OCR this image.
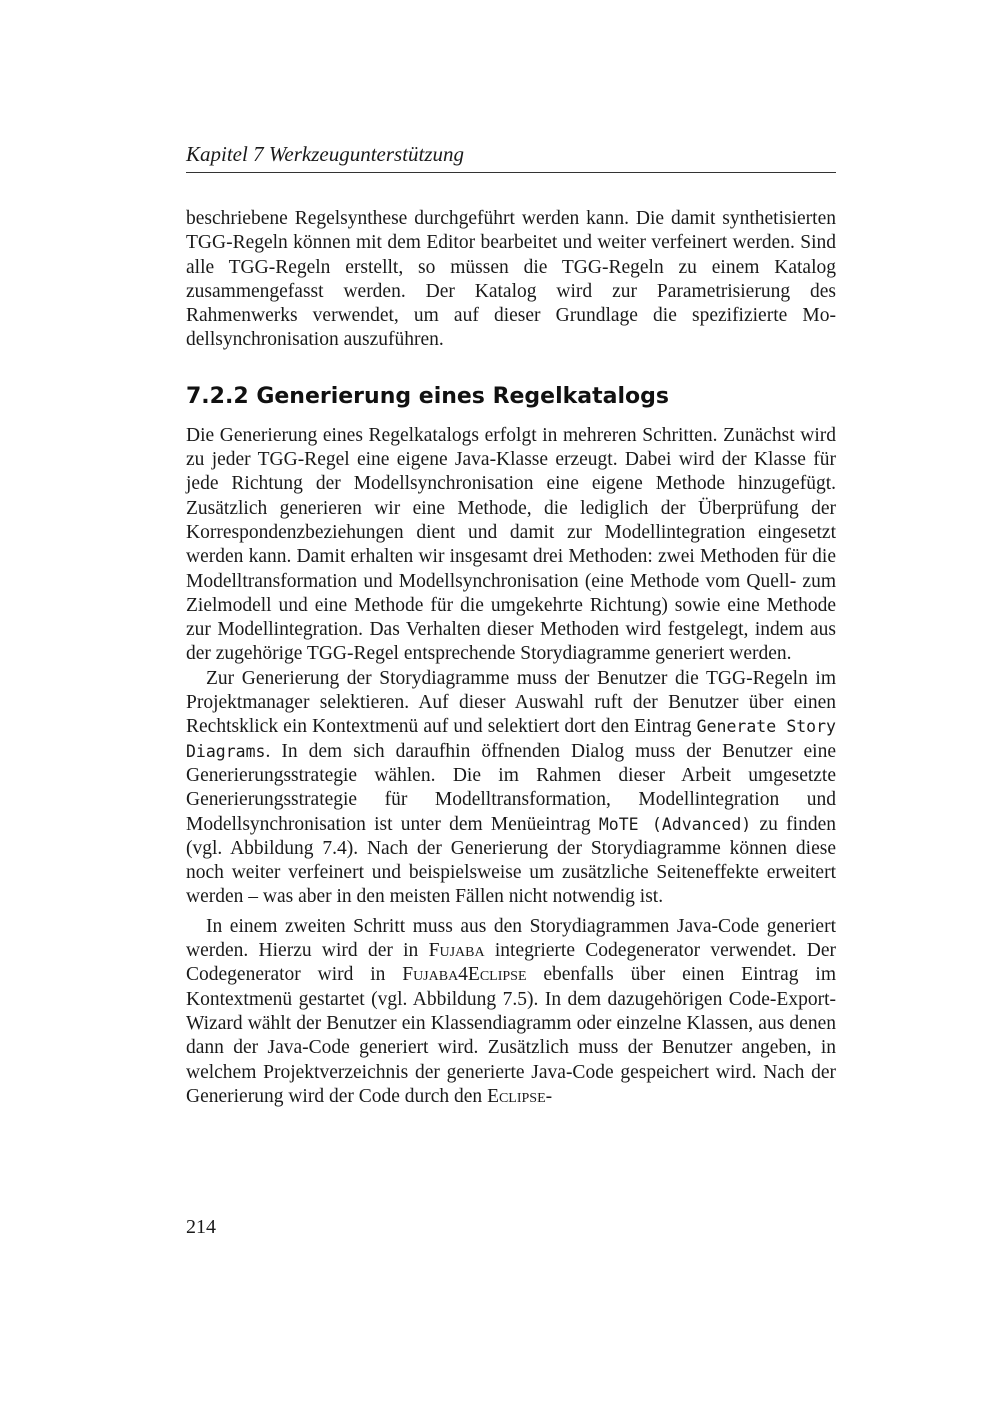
Kapitel 7 Werkzeugunterstützung

beschriebene Regelsynthese durchgeführt werden kann. Die damit synthetisierten TGG-Regeln können mit dem Editor bearbeitet und weiter verfeinert werden. Sind alle TGG-Regeln erstellt, so müssen die TGG-Regeln zu einem Katalog zusammengefasst werden. Der Katalog wird zur Parametrisierung des Rahmenwerks verwendet, um auf dieser Grundlage die spezifizierte Modellsynchronisation auszuführen.

7.2.2 Generierung eines Regelkatalogs

Die Generierung eines Regelkatalogs erfolgt in mehreren Schritten. Zunächst wird zu jeder TGG-Regel eine eigene Java-Klasse erzeugt. Dabei wird der Klasse für jede Richtung der Modellsynchronisation eine eigene Methode hinzugefügt. Zusätzlich generieren wir eine Methode, die lediglich der Überprüfung der Korrespondenzbeziehungen dient und damit zur Modellintegration eingesetzt werden kann. Damit erhalten wir insgesamt drei Methoden: zwei Methoden für die Modelltransformation und Modellsynchronisation (eine Methode vom Quell- zum Zielmodell und eine Methode für die umgekehrte Richtung) sowie eine Methode zur Modellintegration. Das Verhalten dieser Methoden wird festgelegt, indem aus der zugehörige TGG-Regel entsprechende Storydiagramme generiert werden.

Zur Generierung der Storydiagramme muss der Benutzer die TGG-Regeln im Projektmanager selektieren. Auf dieser Auswahl ruft der Benutzer über einen Rechtsklick ein Kontextmenü auf und selektiert dort den Eintrag Generate Story Diagrams. In dem sich daraufhin öffnenden Dialog muss der Benutzer eine Generierungsstrategie wählen. Die im Rahmen dieser Arbeit umgesetzte Generierungsstrategie für Modelltransformation, Modellintegration und Modellsynchronisation ist unter dem Menüeintrag MoTE (Advanced) zu finden (vgl. Abbildung 7.4). Nach der Generierung der Storydiagramme können diese noch weiter verfeinert und beispielsweise um zusätzliche Seiteneffekte erweitert werden – was aber in den meisten Fällen nicht notwendig ist.

In einem zweiten Schritt muss aus den Storydiagrammen Java-Code generiert werden. Hierzu wird der in Fujaba integrierte Codegenerator verwendet. Der Codegenerator wird in Fujaba4Eclipse ebenfalls über einen Eintrag im Kontextmenü gestartet (vgl. Abbildung 7.5). In dem dazugehörigen Code-Export-Wizard wählt der Benutzer ein Klassendiagramm oder einzelne Klassen, aus denen dann der Java-Code generiert wird. Zusätzlich muss der Benutzer angeben, in welchem Projektverzeichnis der generierte Java-Code gespeichert wird. Nach der Generierung wird der Code durch den Eclipse-

214
